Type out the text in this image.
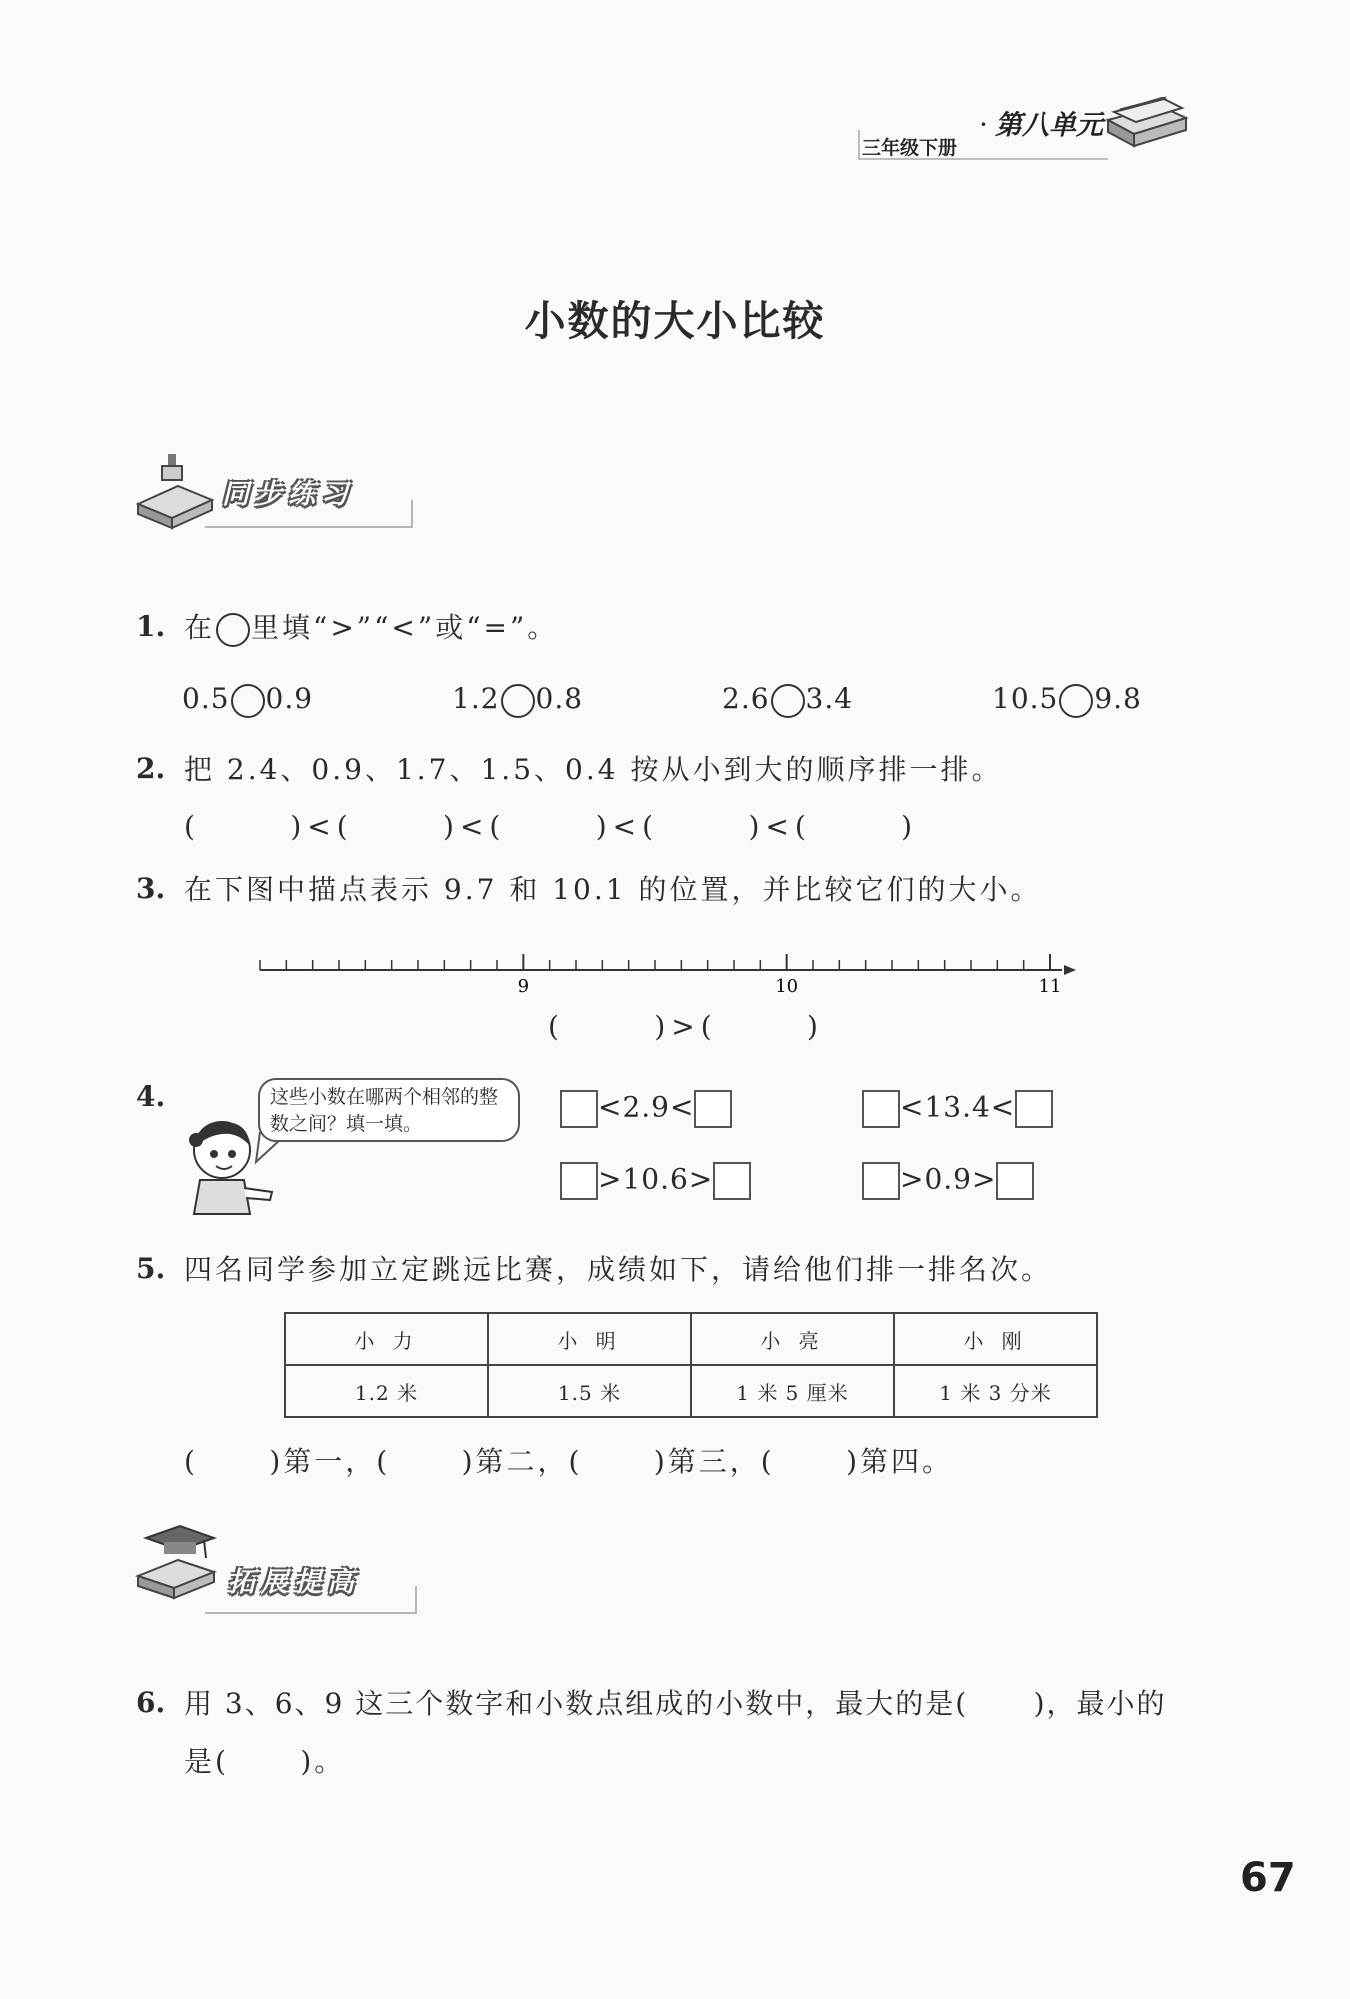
三年级下册
· 第八单元
小数的大小比较
同步练习
1. 在 里填“>”“<”或“=”。
0.5 0.9	1.2 0.8	2.6 3.4	10.5 9.8
2. 把 2.4、0.9、1.7、1.5、0.4 按从小到大的顺序排一排。
(      )<(      )<(      )<(      )<(      )
3. 在下图中描点表示 9.7 和 10.1 的位置，并比较它们的大小。
9	10	11
(      )>(      )
4.	这些小数在哪两个相邻的整数之间？填一填。
<2.9<	<13.4<
>10.6>	>0.9>
5. 四名同学参加立定跳远比赛，成绩如下，请给他们排一排名次。
小 力	小 明	小 亮	小 刚
1.2 米	1.5 米	1 米 5 厘米	1 米 3 分米
(      )第一，(      )第二，(      )第三，(      )第四。
拓展提高
6. 用 3、6、9 这三个数字和小数点组成的小数中，最大的是(      )，最小的
是(      )。
67
